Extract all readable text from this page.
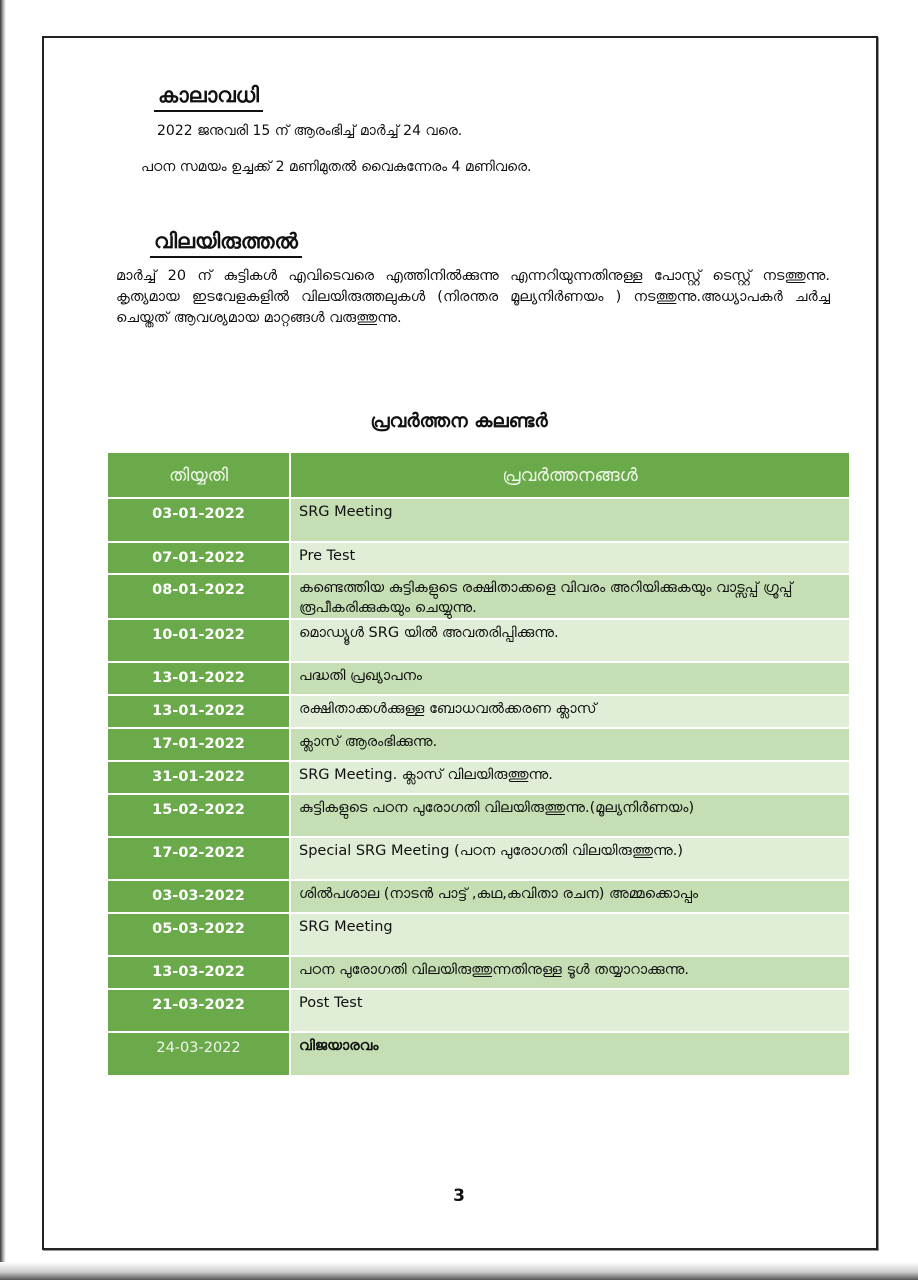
കാലാവധി
2022 ജനുവരി 15 ന് ആരംഭിച്ച് മാർച്ച് 24 വരെ.
പഠന സമയം ഉച്ചക്ക് 2 മണിമുതൽ വൈകുന്നേരം 4 മണിവരെ.
വിലയിരുത്തൽ
മാർച്ച് 20 ന് കുട്ടികൾ എവിടെവരെ എത്തിനിൽക്കുന്നു എന്നറിയുന്നതിനുള്ള പോസ്റ്റ് ടെസ്റ്റ് നടത്തുന്നു. കൃത്യമായ ഇടവേളകളിൽ വിലയിരുത്തലുകൾ (നിരന്തര മൂല്യനിർണയം ) നടത്തുന്നു.അധ്യാപകർ ചർച്ച ചെയ്തത് ആവശ്യമായ മാറ്റങ്ങൾ വരുത്തുന്നു.
പ്രവർത്തന കലണ്ടർ
തിയ്യതി	പ്രവർത്തനങ്ങൾ
03-01-2022	SRG Meeting
07-01-2022	Pre Test
08-01-2022	കണ്ടെത്തിയ കുട്ടികളുടെ രക്ഷിതാക്കളെ വിവരം അറിയിക്കുകയും വാട്സപ്പ് ഗ്രൂപ്പ് രൂപീകരിക്കുകയും ചെയ്യുന്നു.
10-01-2022	മൊഡ്യൂൾ SRG യിൽ അവതരിപ്പിക്കുന്നു.
13-01-2022	പദ്ധതി പ്രഖ്യാപനം
13-01-2022	രക്ഷിതാക്കൾക്കുള്ള ബോധവൽക്കരണ ക്ലാസ്
17-01-2022	ക്ലാസ് ആരംഭിക്കുന്നു.
31-01-2022	SRG Meeting. ക്ലാസ് വിലയിരുത്തുന്നു.
15-02-2022	കുട്ടികളുടെ പഠന പുരോഗതി വിലയിരുത്തുന്നു.(മൂല്യനിർണയം)
17-02-2022	Special SRG Meeting (പഠന പുരോഗതി വിലയിരുത്തുന്നു.)
03-03-2022	ശിൽപശാല (നാടൻ പാട്ട് ,കഥ,കവിതാ രചന) അമ്മക്കൊപ്പം
05-03-2022	SRG Meeting
13-03-2022	പഠന പുരോഗതി വിലയിരുത്തുന്നതിനുള്ള ടൂൾ തയ്യാറാക്കുന്നു.
21-03-2022	Post Test
24-03-2022	വിജയാരവം
3
